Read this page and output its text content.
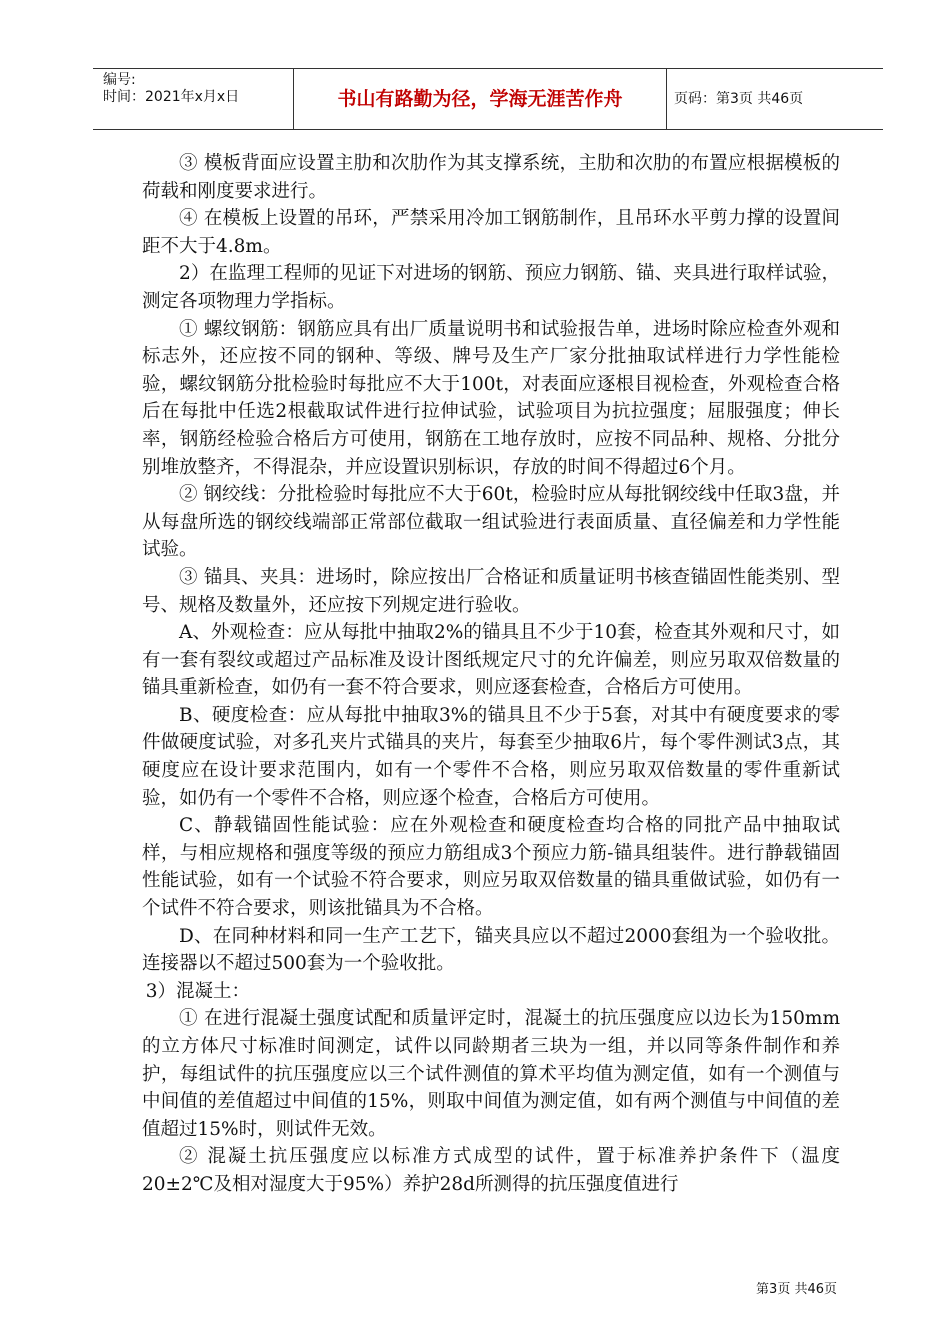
编号:
时间：2021年x月x日	书山有路勤为径，学海无涯苦作舟	页码：第3页 共46页

③ 模板背面应设置主肋和次肋作为其支撑系统，主肋和次肋的布置应根据模板的荷载和刚度要求进行。

④ 在模板上设置的吊环，严禁采用冷加工钢筋制作，且吊环水平剪力撑的设置间距不大于4.8m。

2）在监理工程师的见证下对进场的钢筋、预应力钢筋、锚、夹具进行取样试验，测定各项物理力学指标。

① 螺纹钢筋：钢筋应具有出厂质量说明书和试验报告单，进场时除应检查外观和标志外，还应按不同的钢种、等级、牌号及生产厂家分批抽取试样进行力学性能检验，螺纹钢筋分批检验时每批应不大于100t，对表面应逐根目视检查，外观检查合格后在每批中任选2根截取试件进行拉伸试验，试验项目为抗拉强度；屈服强度；伸长率，钢筋经检验合格后方可使用，钢筋在工地存放时，应按不同品种、规格、分批分别堆放整齐，不得混杂，并应设置识别标识，存放的时间不得超过6个月。

② 钢绞线：分批检验时每批应不大于60t，检验时应从每批钢绞线中任取3盘，并从每盘所选的钢绞线端部正常部位截取一组试验进行表面质量、直径偏差和力学性能试验。

③ 锚具、夹具：进场时，除应按出厂合格证和质量证明书核查锚固性能类别、型号、规格及数量外，还应按下列规定进行验收。

A、外观检查：应从每批中抽取2%的锚具且不少于10套，检查其外观和尺寸，如有一套有裂纹或超过产品标准及设计图纸规定尺寸的允许偏差，则应另取双倍数量的锚具重新检查，如仍有一套不符合要求，则应逐套检查，合格后方可使用。

B、硬度检查：应从每批中抽取3%的锚具且不少于5套，对其中有硬度要求的零件做硬度试验，对多孔夹片式锚具的夹片，每套至少抽取6片，每个零件测试3点，其硬度应在设计要求范围内，如有一个零件不合格，则应另取双倍数量的零件重新试验，如仍有一个零件不合格，则应逐个检查，合格后方可使用。

C、静载锚固性能试验：应在外观检查和硬度检查均合格的同批产品中抽取试样，与相应规格和强度等级的预应力筋组成3个预应力筋-锚具组装件。进行静载锚固性能试验，如有一个试验不符合要求，则应另取双倍数量的锚具重做试验，如仍有一个试件不符合要求，则该批锚具为不合格。

D、在同种材料和同一生产工艺下，锚夹具应以不超过2000套组为一个验收批。连接器以不超过500套为一个验收批。

3）混凝土：

① 在进行混凝土强度试配和质量评定时，混凝土的抗压强度应以边长为150mm的立方体尺寸标准时间测定，试件以同龄期者三块为一组，并以同等条件制作和养护，每组试件的抗压强度应以三个试件测值的算术平均值为测定值，如有一个测值与中间值的差值超过中间值的15%，则取中间值为测定值，如有两个测值与中间值的差值超过15%时，则试件无效。

② 混凝土抗压强度应以标准方式成型的试件，置于标准养护条件下（温度20±2℃及相对湿度大于95%）养护28d所测得的抗压强度值进行

第3页 共46页
